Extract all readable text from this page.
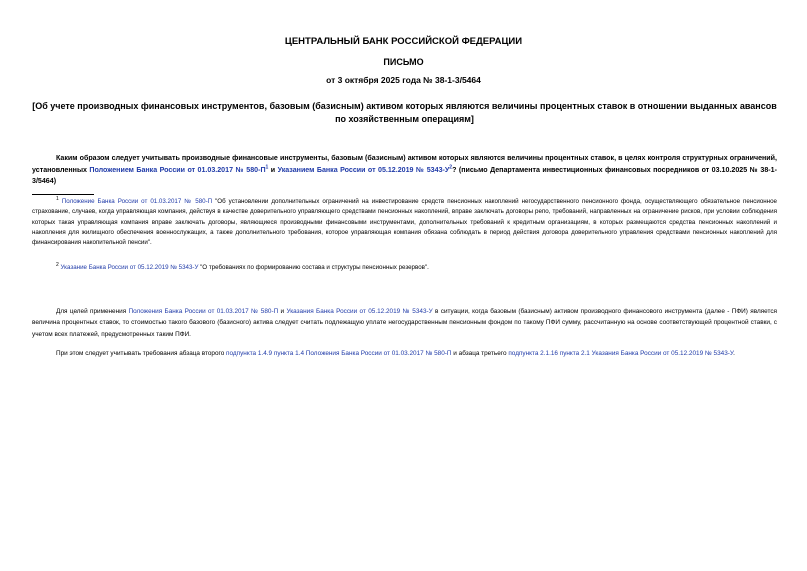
ЦЕНТРАЛЬНЫЙ БАНК РОССИЙСКОЙ ФЕДЕРАЦИИ
ПИСЬМО
от 3 октября 2025 года № 38-1-3/5464
[Об учете производных финансовых инструментов, базовым (базисным) активом которых являются величины процентных ставок в отношении выданных авансов по хозяйственным операциям]
Каким образом следует учитывать производные финансовые инструменты, базовым (базисным) активом которых являются величины процентных ставок, в целях контроля структурных ограничений, установленных Положением Банка России от 01.03.2017 № 580-П$^1$ и Указанием Банка России от 05.12.2019 № 5343-У$^2$? (письмо Департамента инвестиционных финансовых посредников от 03.10.2025 № 38-1-3/5464)
$^1$ Положение Банка России от 01.03.2017 № 580-П "Об установлении дополнительных ограничений на инвестирование средств пенсионных накоплений негосударственного пенсионного фонда, осуществляющего обязательное пенсионное страхование, случаев, когда управляющая компания, действуя в качестве доверительного управляющего средствами пенсионных накоплений, вправе заключать договоры репо, требований, направленных на ограничение рисков, при условии соблюдения которых такая управляющая компания вправе заключать договоры, являющиеся производными финансовыми инструментами, дополнительных требований к кредитным организациям, в которых размещаются средства пенсионных накоплений и накопления для жилищного обеспечения военнослужащих, а также дополнительного требования, которое управляющая компания обязана соблюдать в период действия договора доверительного управления средствами пенсионных накоплений для финансирования накопительной пенсии".
$^2$ Указание Банка России от 05.12.2019 № 5343-У "О требованиях по формированию состава и структуры пенсионных резервов".
Для целей применения Положения Банка России от 01.03.2017 № 580-П и Указания Банка России от 05.12.2019 № 5343-У в ситуации, когда базовым (базисным) активом производного финансового инструмента (далее - ПФИ) является величина процентных ставок, то стоимостью такого базового (базисного) актива следует считать подлежащую уплате негосударственным пенсионным фондом по такому ПФИ сумму, рассчитанную на основе соответствующей процентной ставки, с учетом всех платежей, предусмотренных таким ПФИ.
При этом следует учитывать требования абзаца второго подпункта 1.4.9 пункта 1.4 Положения Банка России от 01.03.2017 № 580-П и абзаца третьего подпункта 2.1.16 пункта 2.1 Указания Банка России от 05.12.2019 № 5343-У.
